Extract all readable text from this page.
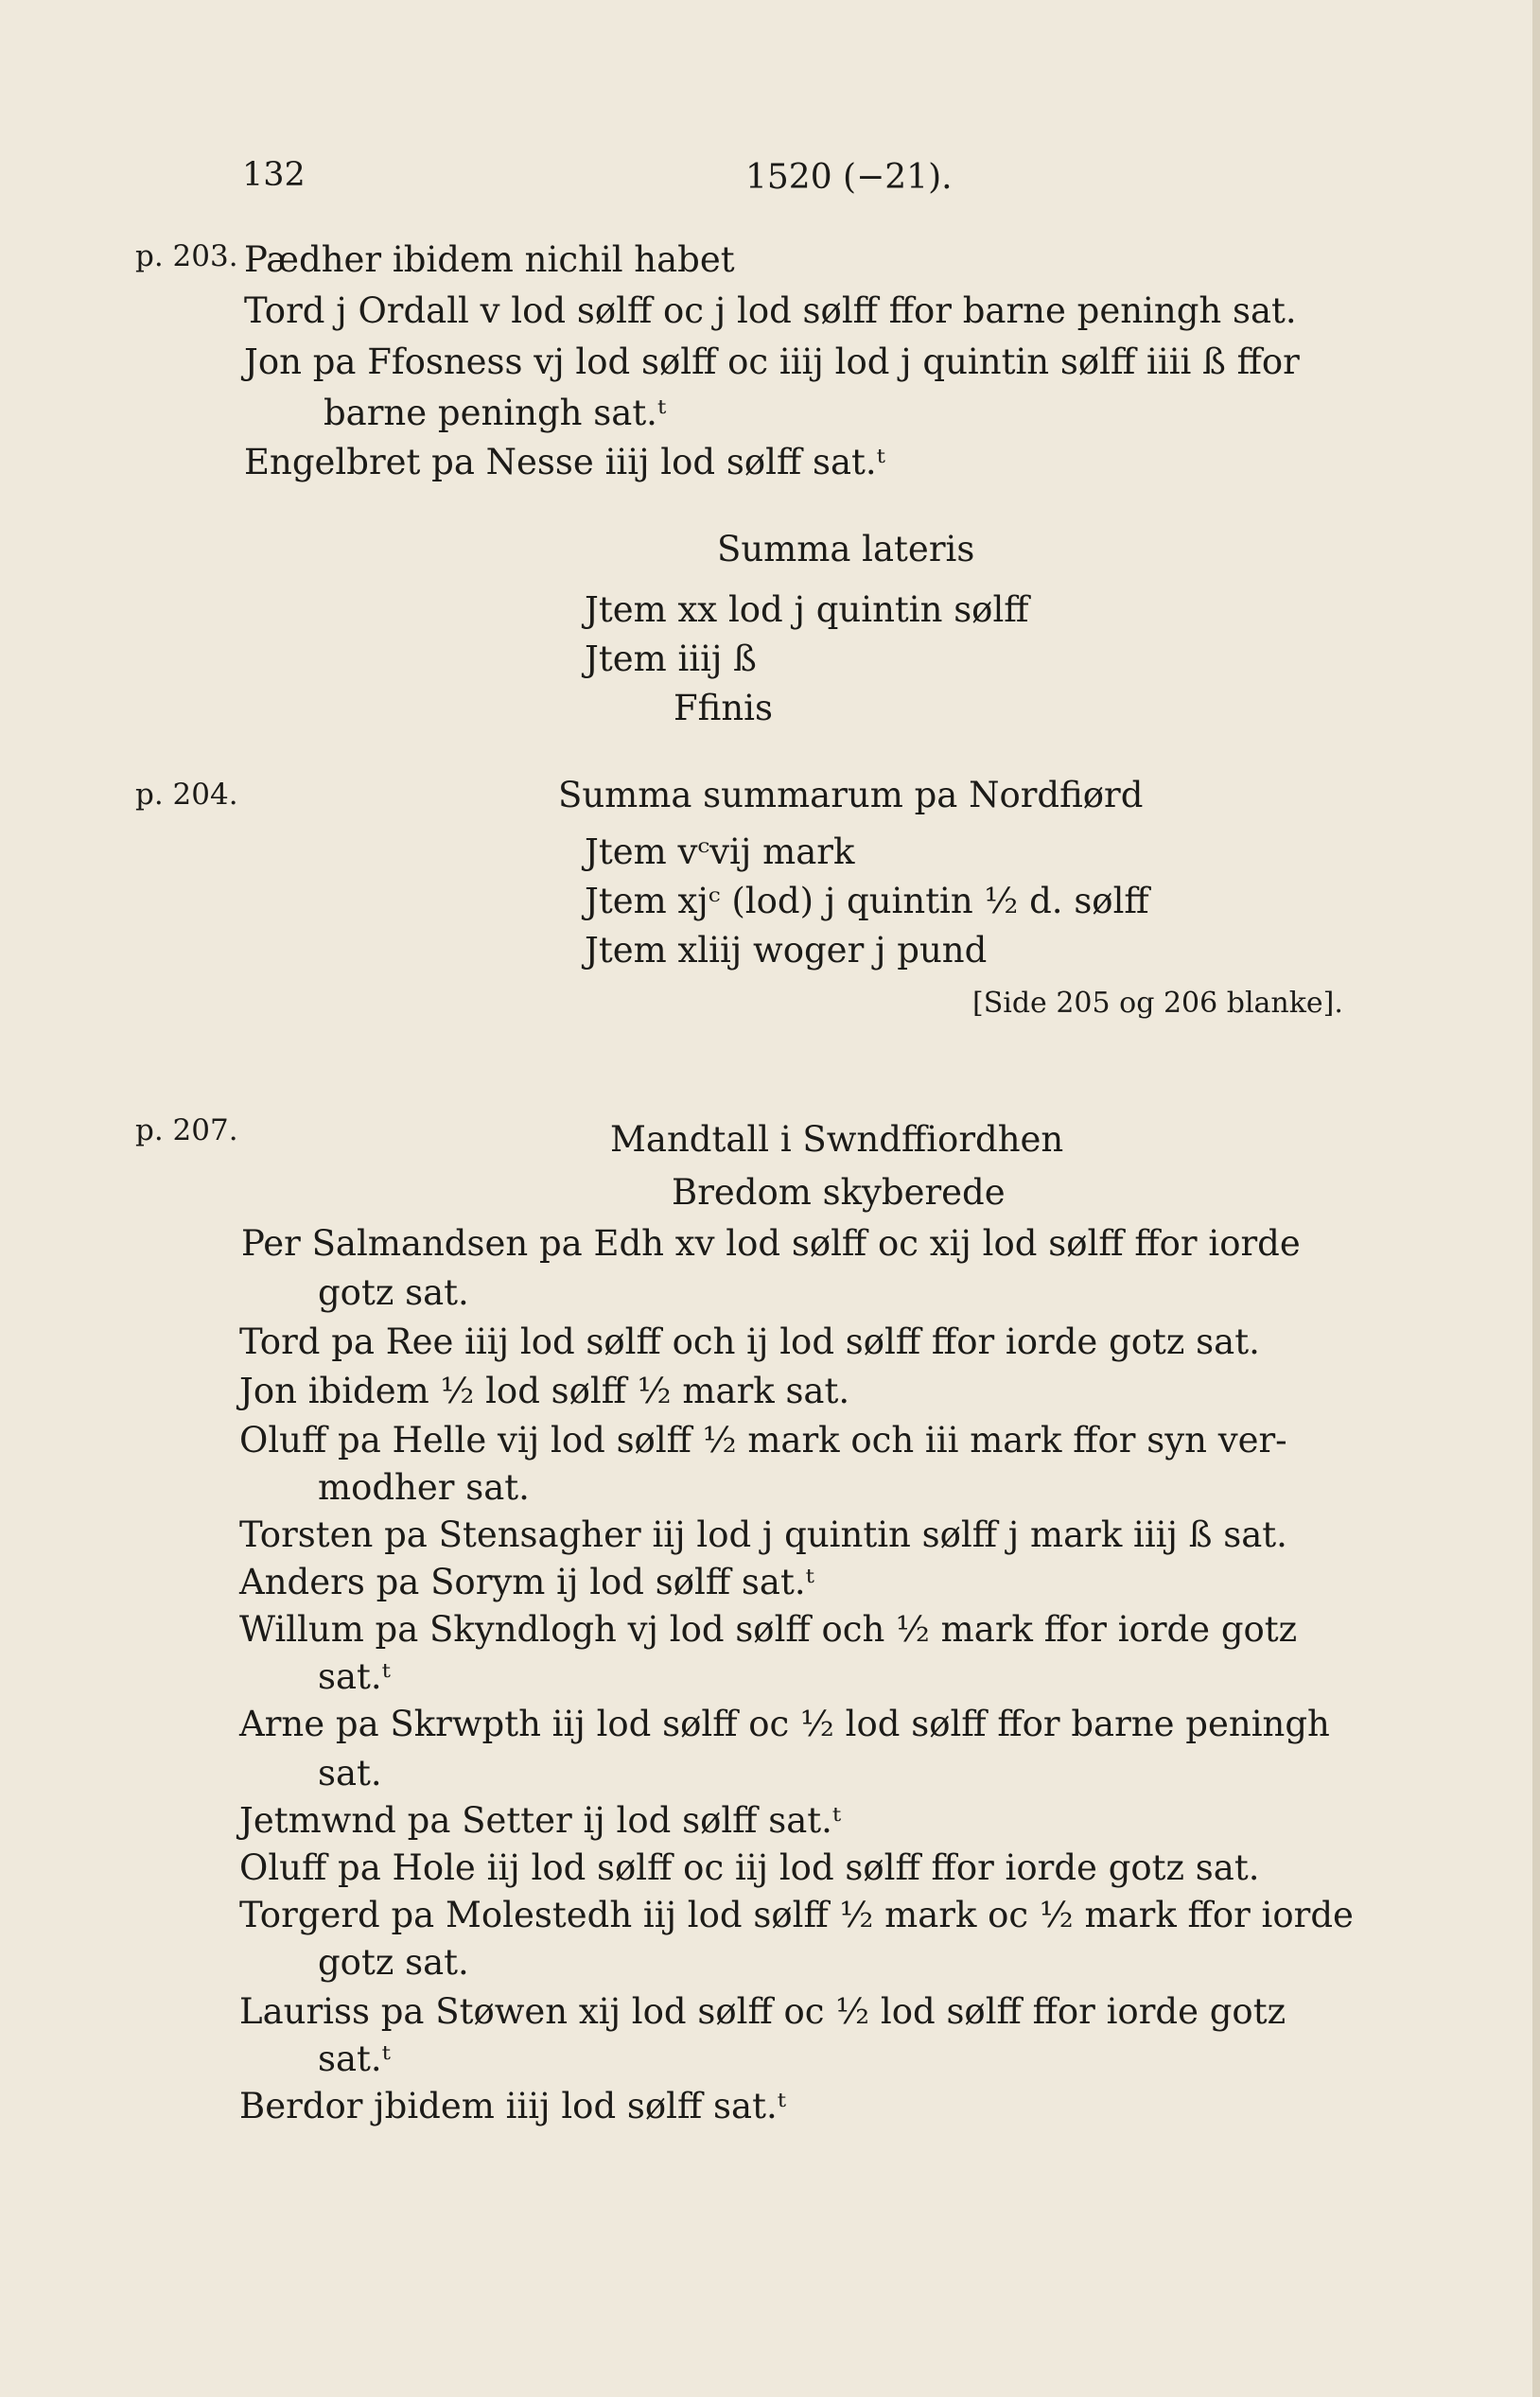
132	1520 (−21).
p. 203. Pædher ibidem nichil habet
Tord j Ordall v lod sølff oc j lod sølff ffor barne peningh sat.
Jon pa Ffosness vj lod sølff oc iiij lod j quintin sølff iiii ß ffor
barne peningh sat.ᵗ
Engelbret pa Nesse iiij lod sølff sat.ᵗ
Summa lateris
Jtem xx lod j quintin sølff
Jtem iiij ß
Ffinis
p. 204.	Summa summarum pa Nordfiørd
Jtem vᶜvij mark
Jtem xjᶜ (lod) j quintin ½ d. sølff
Jtem xliij woger j pund
[Side 205 og 206 blanke].
p. 207.	Mandtall i Swndffiordhen
Bredom skyberede
Per Salmandsen pa Edh xv lod sølff oc xij lod sølff ffor iorde
gotz sat.
Tord pa Ree iiij lod sølff och ij lod sølff ffor iorde gotz sat.
Jon ibidem ½ lod sølff ½ mark sat.
Oluff pa Helle vij lod sølff ½ mark och iii mark ffor syn ver-
modher sat.
Torsten pa Stensagher iij lod j quintin sølff j mark iiij ß sat.
Anders pa Sorym ij lod sølff sat.ᵗ
Willum pa Skyndlogh vj lod sølff och ½ mark ffor iorde gotz
sat.ᵗ
Arne pa Skrwpth iij lod sølff oc ½ lod sølff ffor barne peningh
sat.
Jetmwnd pa Setter ij lod sølff sat.ᵗ
Oluff pa Hole iij lod sølff oc iij lod sølff ffor iorde gotz sat.
Torgerd pa Molestedh iij lod sølff ½ mark oc ½ mark ffor iorde
gotz sat.
Lauriss pa Støwen xij lod sølff oc ½ lod sølff ffor iorde gotz
sat.ᵗ
Berdor jbidem iiij lod sølff sat.ᵗ
